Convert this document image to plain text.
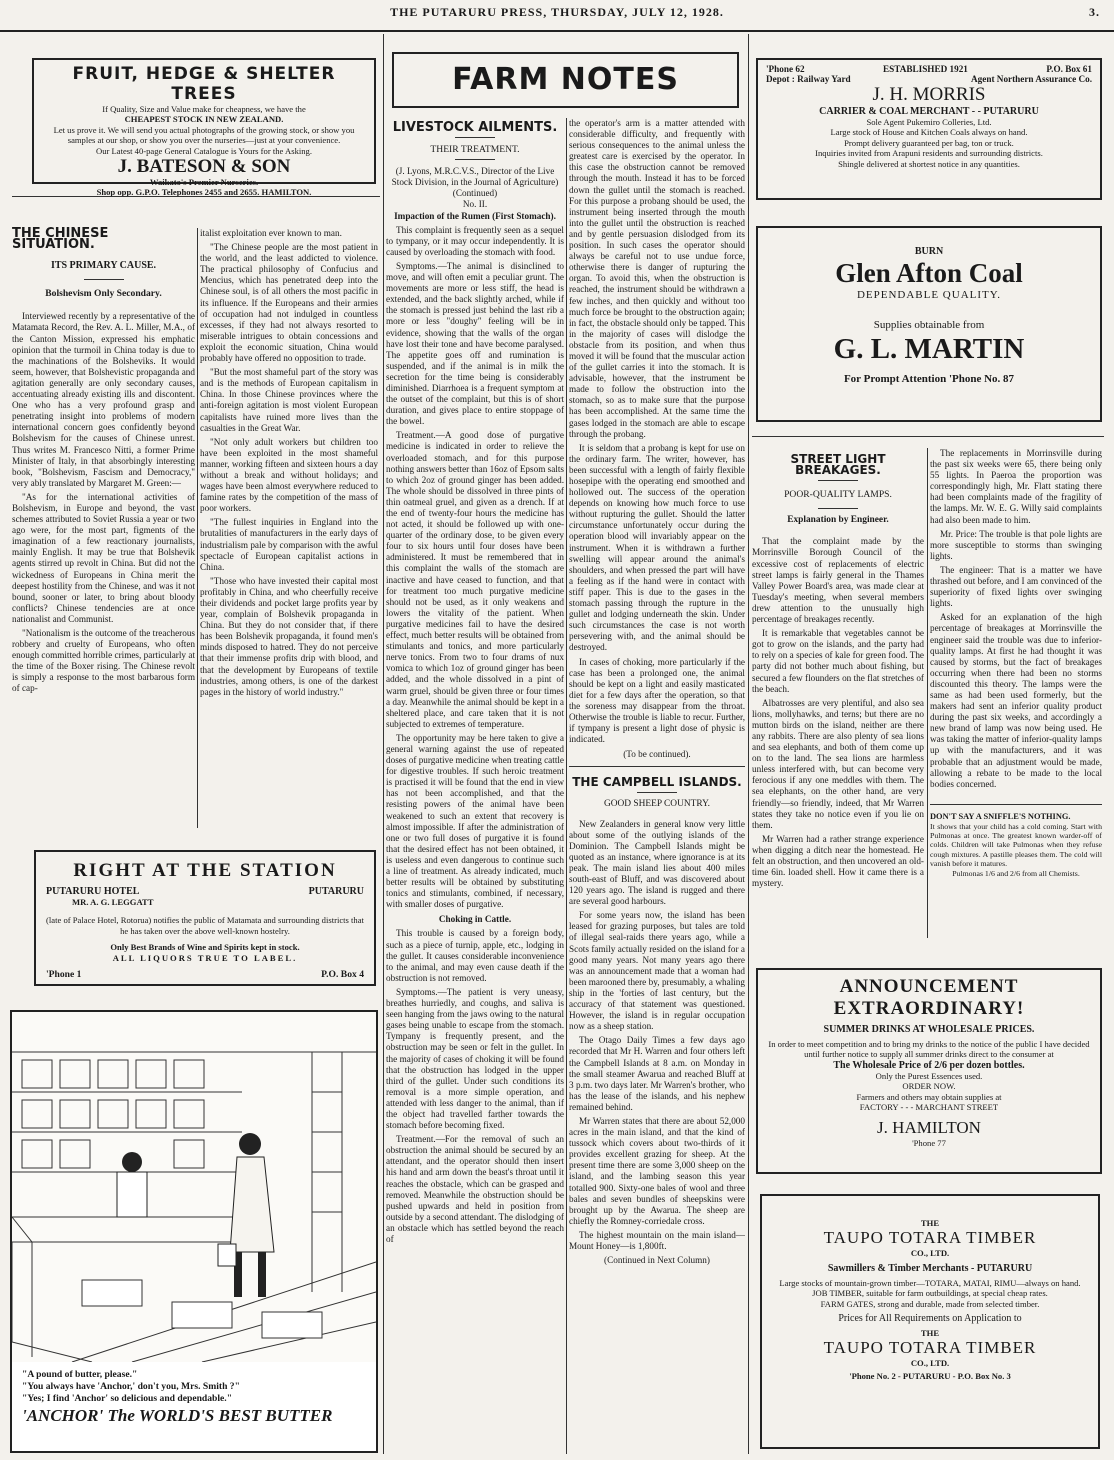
THE PUTARURU PRESS, THURSDAY, JULY 12, 1928.	3.
FRUIT, HEDGE & SHELTER TREES
If Quality, Size and Value make for cheapness, we have the
CHEAPEST STOCK IN NEW ZEALAND.
Let us prove it. We will send you actual photographs of the growing stock, or show you samples at our shop, or show you over the nurseries—just at your convenience.
Our Latest 40-page General Catalogue is Yours for the Asking.
J. BATESON & SON
Waikato's Premier Nurseries.
Shop opp. G.P.O. Telephones 2455 and 2655. HAMILTON.
THE CHINESE SITUATION.
ITS PRIMARY CAUSE.
Bolshevism Only Secondary.

Interviewed recently by a representative of the Matamata Record, the Rev. A. L. Miller, M.A., of the Canton Mission, expressed his emphatic opinion that the turmoil in China today is due to the machinations of the Bolsheviks. It would seem, however, that Bolshevistic propaganda and agitation generally are only secondary causes, accentuating already existing ills and discontent. One who has a very profound grasp and penetrating insight into problems of modern international concern goes confidently beyond Bolshevism for the causes of Chinese unrest. Thus writes M. Francesco Nitti, a former Prime Minister of Italy, in that absorbingly interesting book, "Bolshevism, Fascism and Democracy," very ably translated by Margaret M. Green:—

"As for the international activities of Bolshevism, in Europe and beyond, the vast schemes attributed to Soviet Russia a year or two ago were, for the most part, figments of the imagination of a few reactionary journalists, mainly English. It may be true that Bolshevik agents stirred up revolt in China. But did not the wickedness of Europeans in China merit the deepest hostility from the Chinese, and was it not bound, sooner or later, to bring about bloody conflicts? Chinese tendencies are at once nationalist and Communist.

"Nationalism is the outcome of the treacherous robbery and cruelty of Europeans, who often enough committed horrible crimes, particularly at the time of the Boxer rising. The Chinese revolt is simply a response to the most barbarous form of cap-

italist exploitation ever known to man.

"The Chinese people are the most patient in the world, and the least addicted to violence. The practical philosophy of Confucius and Mencius, which has penetrated deep into the Chinese soul, is of all others the most pacific in its influence. If the Europeans and their armies of occupation had not indulged in countless excesses, if they had not always resorted to miserable intrigues to obtain concessions and exploit the economic situation, China would probably have offered no opposition to trade.

"But the most shameful part of the story was and is the methods of European capitalism in China. In those Chinese provinces where the anti-foreign agitation is most violent European capitalists have ruined more lives than the casualties in the Great War.

"Not only adult workers but children too have been exploited in the most shameful manner, working fifteen and sixteen hours a day without a break and without holidays; and wages have been almost everywhere reduced to famine rates by the competition of the mass of poor workers.

"The fullest inquiries in England into the brutalities of manufacturers in the early days of industrialism pale by comparison with the awful spectacle of European capitalist actions in China.

"Those who have invested their capital most profitably in China, and who cheerfully receive their dividends and pocket large profits year by year, complain of Bolshevik propaganda in China. But they do not consider that, if there has been Bolshevik propaganda, it found men's minds disposed to hatred. They do not perceive that their immense profits drip with blood, and that the development by Europeans of textile industries, among others, is one of the darkest pages in the history of world industry."

RIGHT AT THE STATION
PUTARURU HOTEL	PUTARURU
MR. A. G. LEGGATT
(late of Palace Hotel, Rotorua) notifies the public of Matamata and surrounding districts that he has taken over the above well-known hostelry.
Only Best Brands of Wine and Spirits kept in stock.
ALL LIQUORS TRUE TO LABEL.
'Phone 1	P.O. Box 4
"A pound of butter, please."
"You always have 'Anchor,' don't you, Mrs. Smith ?"
"Yes; I find 'Anchor' so delicious and dependable."
'ANCHOR' The WORLD'S BEST BUTTER
FARM NOTES
LIVESTOCK AILMENTS.
THEIR TREATMENT.
(J. Lyons, M.R.C.V.S., Director of the Live Stock Division, in the Journal of Agriculture)
(Continued)
No. II.
Impaction of the Rumen (First Stomach).

This complaint is frequently seen as a sequel to tympany, or it may occur independently. It is caused by overloading the stomach with food.

Symptoms.—The animal is disinclined to move, and will often emit a peculiar grunt. The movements are more or less stiff, the head is extended, and the back slightly arched, while if the stomach is pressed just behind the last rib a more or less "doughy" feeling will be in evidence, showing that the walls of the organ have lost their tone and have become paralysed. The appetite goes off and rumination is suspended, and if the animal is in milk the secretion for the time being is considerably diminished. Diarrhoea is a frequent symptom at the outset of the complaint, but this is of short duration, and gives place to entire stoppage of the bowel.

Treatment.—A good dose of purgative medicine is indicated in order to relieve the overloaded stomach, and for this purpose nothing answers better than 16oz of Epsom salts to which 2oz of ground ginger has been added. The whole should be dissolved in three pints of thin oatmeal gruel, and given as a drench. If at the end of twenty-four hours the medicine has not acted, it should be followed up with one-quarter of the ordinary dose, to be given every four to six hours until four doses have been administered. It must be remembered that in this complaint the walls of the stomach are inactive and have ceased to function, and that for treatment too much purgative medicine should not be used, as it only weakens and lowers the vitality of the patient. When purgative medicines fail to have the desired effect, much better results will be obtained from stimulants and tonics, and more particularly nerve tonics. From two to four drams of nux vomica to which 1oz of ground ginger has been added, and the whole dissolved in a pint of warm gruel, should be given three or four times a day. Meanwhile the animal should be kept in a sheltered place, and care taken that it is not subjected to extremes of temperature.

The opportunity may be here taken to give a general warning against the use of repeated doses of purgative medicine when treating cattle for digestive troubles. If such heroic treatment is practised it will be found that the end in view has not been accomplished, and that the resisting powers of the animal have been weakened to such an extent that recovery is almost impossible. If after the administration of one or two full doses of purgative it is found that the desired effect has not been obtained, it is useless and even dangerous to continue such a line of treatment. As already indicated, much better results will be obtained by substituting tonics and stimulants, combined, if necessary, with smaller doses of purgative.

Choking in Cattle.

This trouble is caused by a foreign body, such as a piece of turnip, apple, etc., lodging in the gullet. It causes considerable inconvenience to the animal, and may even cause death if the obstruction is not removed.

Symptoms.—The patient is very uneasy, breathes hurriedly, and coughs, and saliva is seen hanging from the jaws owing to the natural gases being unable to escape from the stomach. Tympany is frequently present, and the obstruction may be seen or felt in the gullet. In the majority of cases of choking it will be found that the obstruction has lodged in the upper third of the gullet. Under such conditions its removal is a more simple operation, and attended with less danger to the animal, than if the object had travelled farther towards the stomach before becoming fixed.

Treatment.—For the removal of such an obstruction the animal should be secured by an attendant, and the operator should then insert his hand and arm down the beast's throat until it reaches the obstacle, which can be grasped and removed. Meanwhile the obstruction should be pushed upwards and held in position from outside by a second attendant. The dislodging of an obstacle which has settled beyond the reach of

the operator's arm is a matter attended with considerable difficulty, and frequently with serious consequences to the animal unless the greatest care is exercised by the operator. In this case the obstruction cannot be removed through the mouth. Instead it has to be forced down the gullet until the stomach is reached. For this purpose a probang should be used, the instrument being inserted through the mouth into the gullet until the obstruction is reached and by gentle persuasion dislodged from its position. In such cases the operator should always be careful not to use undue force, otherwise there is danger of rupturing the organ. To avoid this, when the obstruction is reached, the instrument should be withdrawn a few inches, and then quickly and without too much force be brought to the obstruction again; in fact, the obstacle should only be tapped. This in the majority of cases will dislodge the obstacle from its position, and when thus moved it will be found that the muscular action of the gullet carries it into the stomach. It is advisable, however, that the instrument be made to follow the obstruction into the stomach, so as to make sure that the purpose has been accomplished. At the same time the gases lodged in the stomach are able to escape through the probang.

It is seldom that a probang is kept for use on the ordinary farm. The writer, however, has been successful with a length of fairly flexible hosepipe with the operating end smoothed and hollowed out. The success of the operation depends on knowing how much force to use without rupturing the gullet. Should the latter circumstance unfortunately occur during the operation blood will invariably appear on the instrument. When it is withdrawn a further swelling will appear around the animal's shoulders, and when pressed the part will have a feeling as if the hand were in contact with stiff paper. This is due to the gases in the stomach passing through the rupture in the gullet and lodging underneath the skin. Under such circumstances the case is not worth persevering with, and the animal should be destroyed.

In cases of choking, more particularly if the case has been a prolonged one, the animal should be kept on a light and easily masticated diet for a few days after the operation, so that the soreness may disappear from the throat. Otherwise the trouble is liable to recur. Further, if tympany is present a light dose of physic is indicated.

(To be continued).
THE CAMPBELL ISLANDS.
GOOD SHEEP COUNTRY.

New Zealanders in general know very little about some of the outlying islands of the Dominion. The Campbell Islands might be quoted as an instance, where ignorance is at its peak. The main island lies about 400 miles south-east of Bluff, and was discovered about 120 years ago. The island is rugged and there are several good harbours.

For some years now, the island has been leased for grazing purposes, but tales are told of illegal seal-raids there years ago, while a Scots family actually resided on the island for a good many years. Not many years ago there was an announcement made that a woman had been marooned there by, presumably, a whaling ship in the 'forties of last century, but the accuracy of that statement was questioned. However, the island is in regular occupation now as a sheep station.

The Otago Daily Times a few days ago recorded that Mr H. Warren and four others left the Campbell Islands at 8 a.m. on Monday in the small steamer Awarua and reached Bluff at 3 p.m. two days later. Mr Warren's brother, who has the lease of the islands, and his nephew remained behind.

Mr Warren states that there are about 52,000 acres in the main island, and that the kind of tussock which covers about two-thirds of it provides excellent grazing for sheep. At the present time there are some 3,000 sheep on the island, and the lambing season this year totalled 900. Sixty-one bales of wool and three bales and seven bundles of sheepskins were brought up by the Awarua. The sheep are chiefly the Romney-corriedale cross.

The highest mountain on the main island—Mount Honey—is 1,800ft.

(Continued in Next Column)
'Phone 62	ESTABLISHED 1921	P.O. Box 61
Depot : Railway Yard	Agent Northern Assurance Co.
J. H. MORRIS
CARRIER & COAL MERCHANT - - PUTARURU
Sole Agent Pukemiro Colleries, Ltd.
Large stock of House and Kitchen Coals always on hand.
Prompt delivery guaranteed per bag, ton or truck.
Inquiries invited from Arapuni residents and surrounding districts.
Shingle delivered at shortest notice in any quantities.
BURN
Glen Afton Coal
DEPENDABLE QUALITY.
Supplies obtainable from
G. L. MARTIN
For Prompt Attention 'Phone No. 87
STREET LIGHT BREAKAGES.
POOR-QUALITY LAMPS.
Explanation by Engineer.

That the complaint made by the Morrinsville Borough Council of the excessive cost of replacements of electric street lamps is fairly general in the Thames Valley Power Board's area, was made clear at Tuesday's meeting, when several members drew attention to the unusually high percentage of breakages recently.

It is remarkable that vegetables cannot be got to grow on the islands, and the party had to rely on a species of kale for green food. The party did not bother much about fishing, but secured a few flounders on the flat stretches of the beach.

Albatrosses are very plentiful, and also sea lions, mollyhawks, and terns; but there are no mutton birds on the island, neither are there any rabbits. There are also plenty of sea lions and sea elephants, and both of them come up on to the land. The sea lions are harmless unless interfered with, but can become very ferocious if any one meddles with them. The sea elephants, on the other hand, are very friendly—so friendly, indeed, that Mr Warren states they take no notice even if you lie on them.

Mr Warren had a rather strange experience when digging a ditch near the homestead. He felt an obstruction, and then uncovered an old-time 6in. loaded shell. How it came there is a mystery.

The replacements in Morrinsville during the past six weeks were 65, there being only 55 lights. In Paeroa the proportion was correspondingly high, Mr. Flatt stating there had been complaints made of the fragility of the lamps. Mr. W. E. G. Willy said complaints had also been made to him.

Mr. Price: The trouble is that pole lights are more susceptible to storms than swinging lights.

The engineer: That is a matter we have thrashed out before, and I am convinced of the superiority of fixed lights over swinging lights.

Asked for an explanation of the high percentage of breakages at Morrinsville the engineer said the trouble was due to inferior-quality lamps. At first he had thought it was caused by storms, but the fact of breakages occurring when there had been no storms discounted this theory. The lamps were the same as had been used formerly, but the makers had sent an inferior quality product during the past six weeks, and accordingly a new brand of lamp was now being used. He was taking the matter of inferior-quality lamps up with the manufacturers, and it was probable that an adjustment would be made, allowing a rebate to be made to the local bodies concerned.

DON'T SAY A SNIFFLE'S NOTHING.
It shows that your child has a cold coming. Start with Pulmonas at once. The greatest known warder-off of colds. Children will take Pulmonas when they refuse cough mixtures. A pastille pleases them. The cold will vanish before it matures.
Pulmonas 1/6 and 2/6 from all Chemists.
ANNOUNCEMENT
EXTRAORDINARY!
SUMMER DRINKS AT WHOLESALE PRICES.
In order to meet competition and to bring my drinks to the notice of the public I have decided until further notice to supply all summer drinks direct to the consumer at
The Wholesale Price of 2/6 per dozen bottles.
Only the Purest Essences used.
ORDER NOW.
Farmers and others may obtain supplies at
FACTORY - - - MARCHANT STREET
J. HAMILTON
'Phone 77
THE
TAUPO TOTARA TIMBER
CO., LTD.
Sawmillers & Timber Merchants - PUTARURU
Large stocks of mountain-grown timber—TOTARA, MATAI, RIMU—always on hand.
JOB TIMBER, suitable for farm outbuildings, at special cheap rates.
FARM GATES, strong and durable, made from selected timber.
Prices for All Requirements on Application to
THE
TAUPO TOTARA TIMBER
CO., LTD.
'Phone No. 2 - PUTARURU - P.O. Box No. 3
